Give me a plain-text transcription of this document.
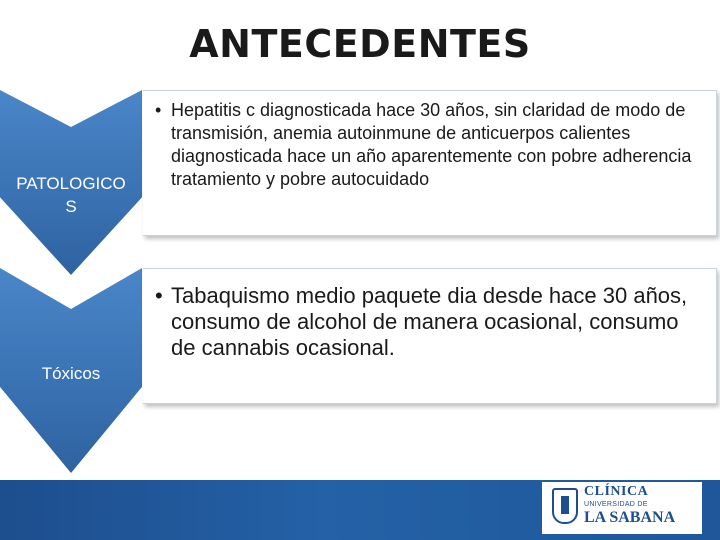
ANTECEDENTES
PATOLOGICO
S
• Hepatitis c diagnosticada hace 30 años, sin claridad de modo de transmisión, anemia autoinmune de anticuerpos calientes diagnosticada hace un año aparentemente con pobre adherencia tratamiento y pobre autocuidado
Tóxicos
• Tabaquismo medio paquete dia desde hace 30 años, consumo de alcohol de manera ocasional, consumo de cannabis ocasional.
CLÍNICA
UNIVERSIDAD DE
LA SABANA
